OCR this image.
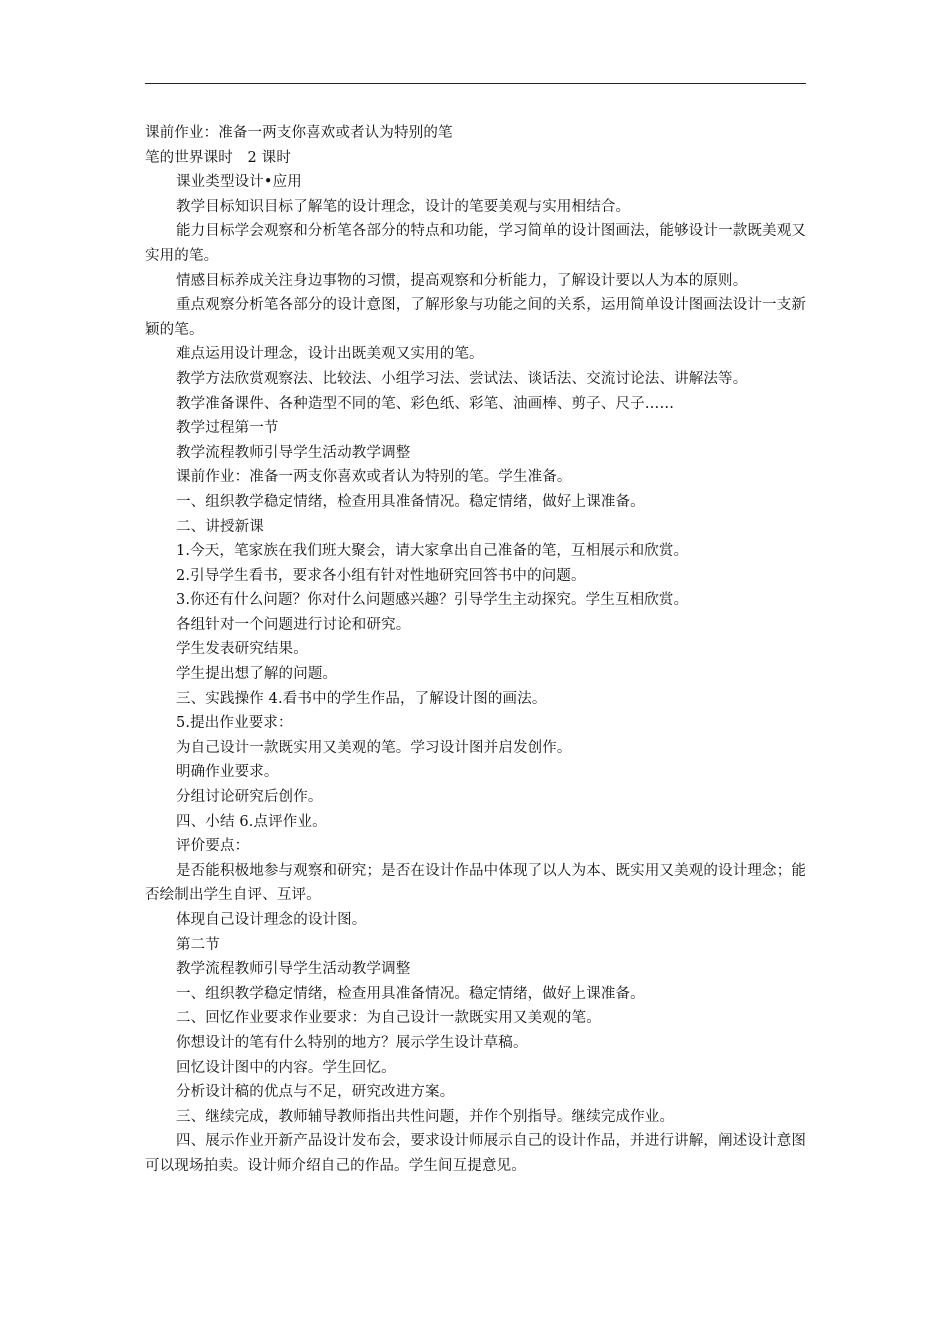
课前作业：准备一两支你喜欢或者认为特别的笔

笔的世界课时　2 课时

课业类型设计•应用

教学目标知识目标了解笔的设计理念，设计的笔要美观与实用相结合。

能力目标学会观察和分析笔各部分的特点和功能，学习简单的设计图画法，能够设计一款既美观又实用的笔。

情感目标养成关注身边事物的习惯，提高观察和分析能力，了解设计要以人为本的原则。

重点观察分析笔各部分的设计意图，了解形象与功能之间的关系，运用简单设计图画法设计一支新颖的笔。

难点运用设计理念，设计出既美观又实用的笔。

教学方法欣赏观察法、比较法、小组学习法、尝试法、谈话法、交流讨论法、讲解法等。

教学准备课件、各种造型不同的笔、彩色纸、彩笔、油画棒、剪子、尺子……

教学过程第一节

教学流程教师引导学生活动教学调整

课前作业：准备一两支你喜欢或者认为特别的笔。学生准备。

一、组织教学稳定情绪，检查用具准备情况。稳定情绪，做好上课准备。

二、讲授新课

1.今天，笔家族在我们班大聚会，请大家拿出自己准备的笔，互相展示和欣赏。

2.引导学生看书，要求各小组有针对性地研究回答书中的问题。

3.你还有什么问题？你对什么问题感兴趣？引导学生主动探究。学生互相欣赏。

各组针对一个问题进行讨论和研究。

学生发表研究结果。

学生提出想了解的问题。

三、实践操作 4.看书中的学生作品，了解设计图的画法。

5.提出作业要求：

为自己设计一款既实用又美观的笔。学习设计图并启发创作。

明确作业要求。

分组讨论研究后创作。

四、小结 6.点评作业。

评价要点：

是否能积极地参与观察和研究；是否在设计作品中体现了以人为本、既实用又美观的设计理念；能否绘制出学生自评、互评。

体现自己设计理念的设计图。

第二节

教学流程教师引导学生活动教学调整

一、组织教学稳定情绪，检查用具准备情况。稳定情绪，做好上课准备。

二、回忆作业要求作业要求：为自己设计一款既实用又美观的笔。

你想设计的笔有什么特别的地方？展示学生设计草稿。

回忆设计图中的内容。学生回忆。

分析设计稿的优点与不足，研究改进方案。

三、继续完成，教师辅导教师指出共性问题，并作个别指导。继续完成作业。

四、展示作业开新产品设计发布会，要求设计师展示自己的设计作品，并进行讲解，阐述设计意图可以现场拍卖。设计师介绍自己的作品。学生间互提意见。
